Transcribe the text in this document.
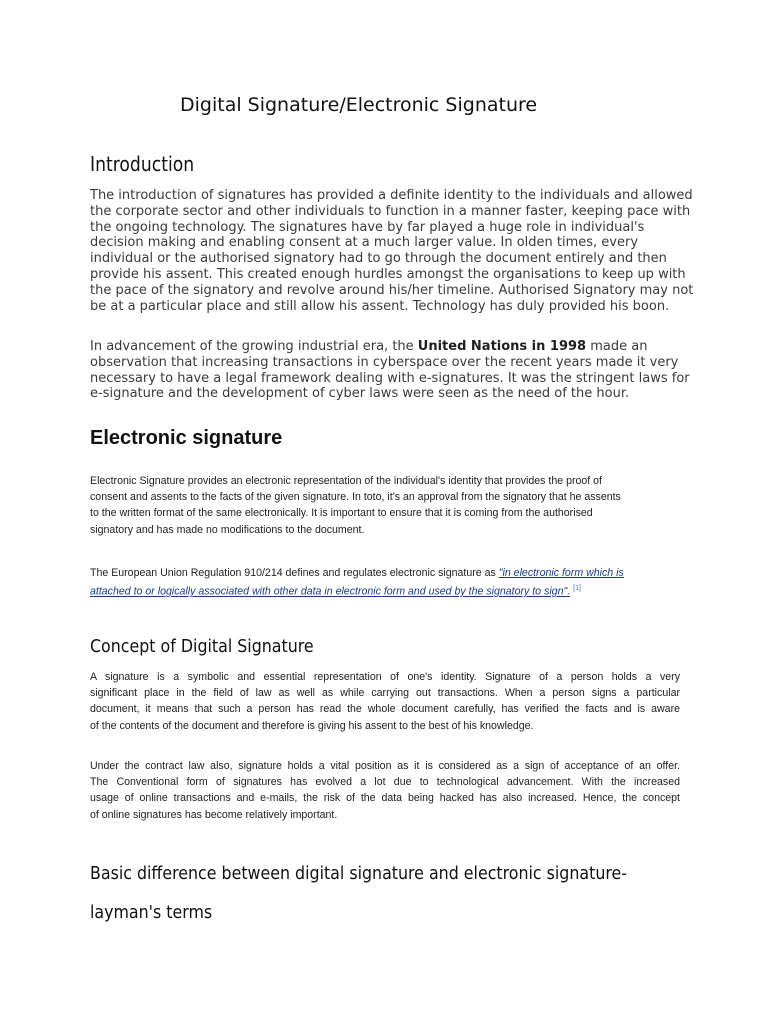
Digital Signature/Electronic Signature
Introduction

The introduction of signatures has provided a definite identity to the individuals and allowed
the corporate sector and other individuals to function in a manner faster, keeping pace with
the ongoing technology. The signatures have by far played a huge role in individual's
decision making and enabling consent at a much larger value. In olden times, every
individual or the authorised signatory had to go through the document entirely and then
provide his assent. This created enough hurdles amongst the organisations to keep up with
the pace of the signatory and revolve around his/her timeline. Authorised Signatory may not
be at a particular place and still allow his assent. Technology has duly provided his boon.

In advancement of the growing industrial era, the United Nations in 1998 made an
observation that increasing transactions in cyberspace over the recent years made it very
necessary to have a legal framework dealing with e-signatures. It was the stringent laws for
e-signature and the development of cyber laws were seen as the need of the hour.

Electronic signature

Electronic Signature provides an electronic representation of the individual's identity that provides the proof of
consent and assents to the facts of the given signature. In toto, it's an approval from the signatory that he assents
to the written format of the same electronically. It is important to ensure that it is coming from the authorised
signatory and has made no modifications to the document.

The European Union Regulation 910/214 defines and regulates electronic signature as "in electronic form which is
attached to or logically associated with other data in electronic form and used by the signatory to sign". [1]

Concept of Digital Signature

A signature is a symbolic and essential representation of one's identity. Signature of a person holds a very
significant place in the field of law as well as while carrying out transactions. When a person signs a particular
document, it means that such a person has read the whole document carefully, has verified the facts and is aware
of the contents of the document and therefore is giving his assent to the best of his knowledge.

Under the contract law also, signature holds a vital position as it is considered as a sign of acceptance of an offer.
The Conventional form of signatures has evolved a lot due to technological advancement. With the increased
usage of online transactions and e-mails, the risk of the data being hacked has also increased. Hence, the concept
of online signatures has become relatively important.

Basic difference between digital signature and electronic signature-
layman's terms
